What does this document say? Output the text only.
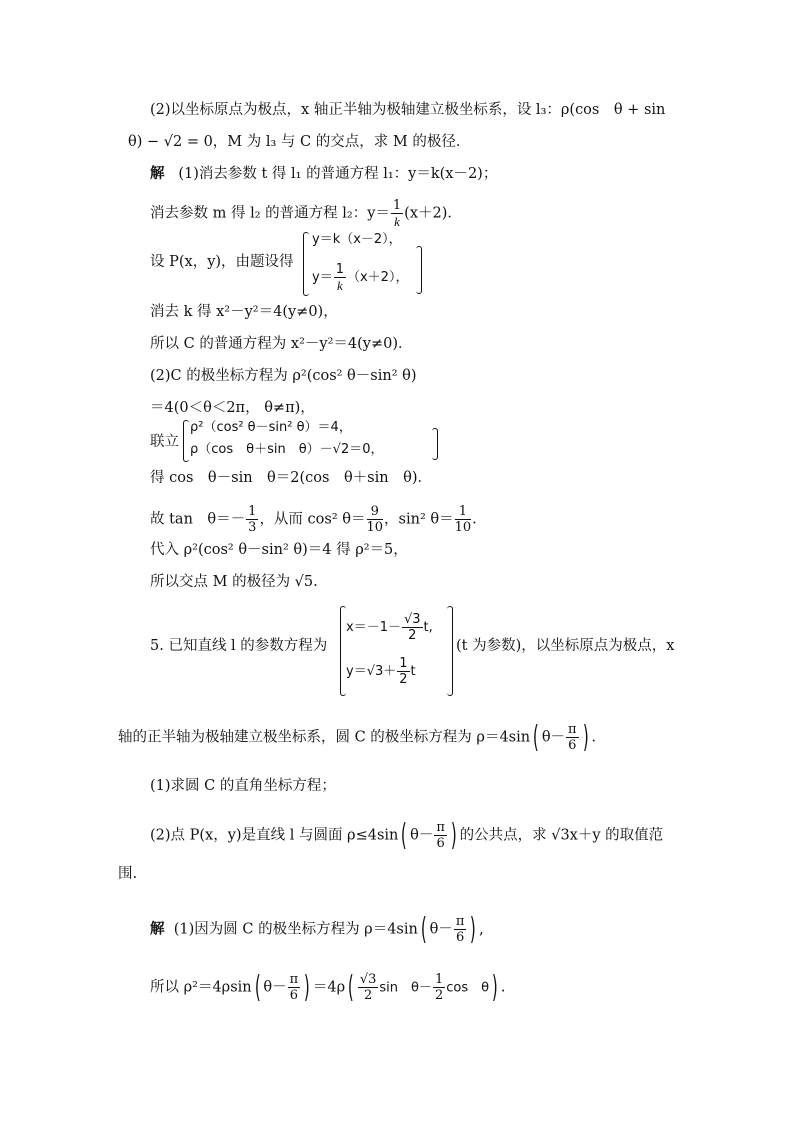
(2)以坐标原点为极点，x 轴正半轴为极轴建立极坐标系，设 l₃：ρ(cos　θ + sin
θ) − √2 = 0，M 为 l₃ 与 C 的交点，求 M 的极径．
解 (1)消去参数 t 得 l₁ 的普通方程 l₁：y＝k(x－2)；
消去参数 m 得 l₂ 的普通方程 l₂：$y= \frac{1}{k} (x+2)$．
设 P(x，y)，由题设得
y＝k（x－2），
$y= \frac{1}{k} (x+2)$，
消去 k 得 x²－y²＝4(y≠0)，
所以 C 的普通方程为 x²－y²＝4(y≠0)．
(2)C 的极坐标方程为 ρ²(cos² θ－sin² θ)
＝4(0＜θ＜2π， θ≠π)，
联立
ρ²（cos² θ－sin² θ）＝4，
ρ（cos　θ＋sin　θ）－√2＝0，
得 cos　θ－sin　θ＝2(cos　θ＋sin　θ)．
故 tan　$\theta=- \frac{1}{3}$ ，从而 cos² $\theta= \frac{9}{10}$ ，sin² $\theta= \frac{1}{10}$ .
代入 ρ²(cos² θ－sin² θ)＝4 得 ρ²＝5，
所以交点 M 的极径为 √5.
5. 已知直线 l 的参数方程为
$x=-1- \frac{√3}{2} t$,
$y=√3+ \frac{1}{2}$ t
(t 为参数)，以坐标原点为极点，x
轴的正半轴为极轴建立极坐标系，圆 C 的极坐标方程为 ρ＝4sin( $\theta- \frac{\pi}{6}$ ) .
(1)求圆 C 的直角坐标方程；
(2)点 P(x，y)是直线 l 与圆面 ρ≤4sin( $\theta- \frac{\pi}{6}$ ) 的公共点，求 √3x＋y 的取值范
围.
解 (1)因为圆 C 的极坐标方程为 ρ＝4sin( $\theta- \frac{\pi}{6}$ ) ,
所以 ρ²＝4ρsin( $\theta- \frac{\pi}{6}$ ) $=4\rho( \frac{√3}{2}$ sin　$\theta- \frac{1}{2}$ cos　θ) .
